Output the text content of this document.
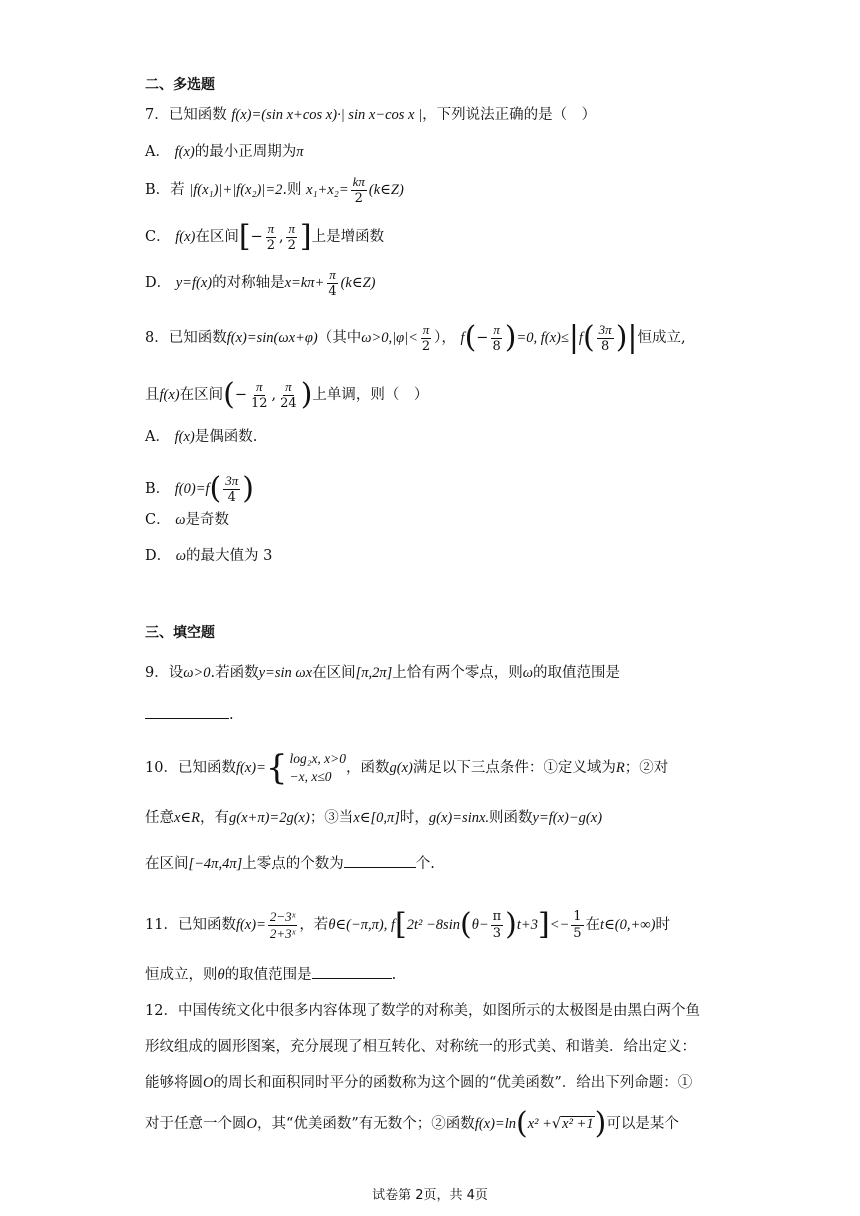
二、多选题
7．已知函数 f(x)=(sin x+cos x)·| sin x−cos x |，下列说法正确的是（　）
A． f(x)的最小正周期为π
B．若 |f(x₁)|+|f(x₂)|=2.则 $x_1+x_2= \frac{k\pi}{2}$ (k∈Z)
C． f(x)在区间[− $\frac{\pi}{2}$ , $\frac{\pi}{2}$ ]上是增函数
D． y=f(x)的对称轴是$x=k\pi+ \frac{\pi}{4}$ (k∈Z)
8．已知函数f(x)=sin(ωx+φ)（其中$\omega>0,|\varphi|< \frac{\pi}{2}$ ）， $f(- \frac{\pi}{8} )=0$, $f(x)\le|f( \frac{3\pi}{8}$ )|恒成立,
且f(x)在区间(− $\frac{\pi}{12}$ , $\frac{\pi}{24}$ )上单调，则（　）
A． f(x)是偶函数.
B． $f(0)=f( \frac{3\pi}{4}$ )
C． ω是奇数
D． ω的最大值为 3
三、填空题
9．设ω>0.若函数y=sin ωx在区间[π,2π]上恰有两个零点，则ω的取值范围是
.
10．已知函数f(x)={ log₂x, x>0
−x, x≤0
，函数g(x)满足以下三点条件：①定义域为R；②对
任意x∈R，有g(x+π)=2g(x)；③当x∈[0,π]时，g(x)=sinx.则函数y=f(x)−g(x)
在区间[−4π,4π]上零点的个数为	个.
11．已知函数$f(x)= \frac{\text{2−3ˣ}}{\text{2+3ˣ}}$ ，若θ∈(−π,π), $f[2t^2 -8\sin(\theta- \frac{\pi}{3} )t+3]<- \frac{1}{5}$ 在t∈(0,+∞)时
恒成立，则θ的取值范围是	.
12．中国传统文化中很多内容体现了数学的对称美，如图所示的太极图是由黑白两个鱼
形纹组成的圆形图案，充分展现了相互转化、对称统一的形式美、和谐美．给出定义：
能够将圆O的周长和面积同时平分的函数称为这个圆的“优美函数”．给出下列命题：①
对于任意一个圆O，其“优美函数”有无数个；②函数f(x)=ln(x² +√x² +1)可以是某个
试卷第 2页，共 4页
